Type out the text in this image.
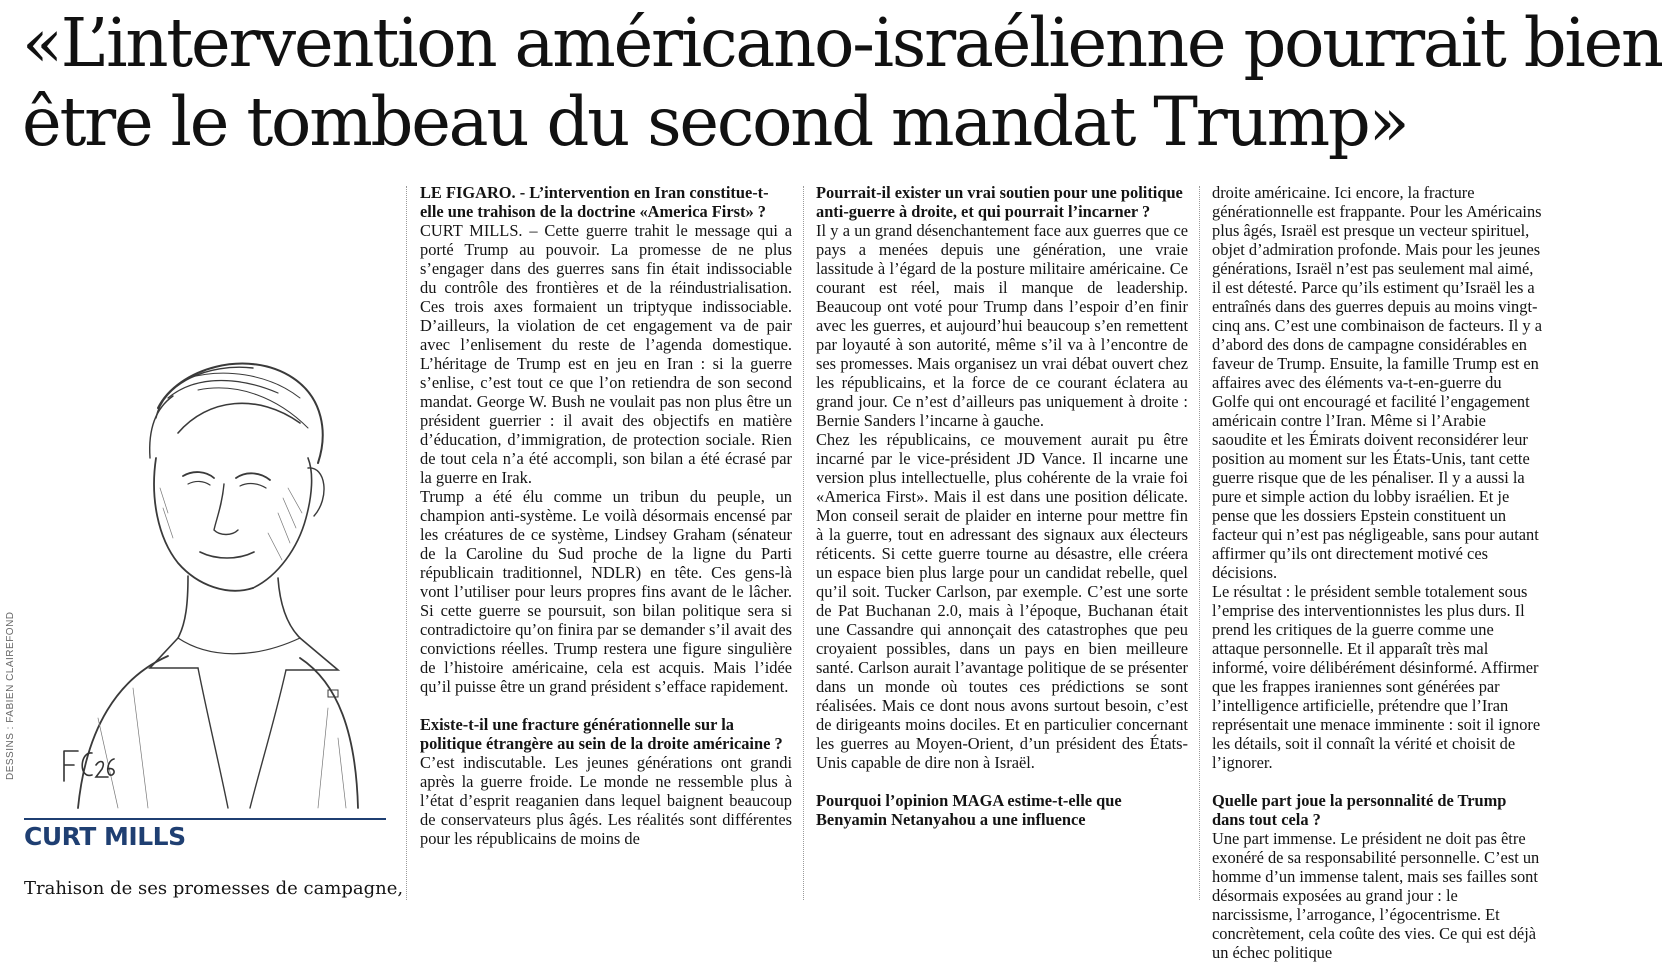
«L’intervention américano-israélienne pourrait bien
être le tombeau du second mandat Trump»
DESSINS : FABIEN CLAIREFOND
CURT MILLS

Trahison de ses promesses de campagne,

LE FIGARO. - L’intervention en Iran constitue-t-elle une trahison de la doctrine «America First» ?

CURT MILLS. – Cette guerre trahit le message qui a porté Trump au pouvoir. La promesse de ne plus s’engager dans des guerres sans fin était indissociable du contrôle des frontières et de la réindustrialisation. Ces trois axes formaient un triptyque indissociable. D’ailleurs, la violation de cet engagement va de pair avec l’enlisement du reste de l’agenda domestique. L’héritage de Trump est en jeu en Iran : si la guerre s’enlise, c’est tout ce que l’on retiendra de son second mandat. George W. Bush ne voulait pas non plus être un président guerrier : il avait des objectifs en matière d’éducation, d’immigration, de protection sociale. Rien de tout cela n’a été accompli, son bilan a été écrasé par la guerre en Irak.

Trump a été élu comme un tribun du peuple, un champion anti-système. Le voilà désormais encensé par les créatures de ce système, Lindsey Graham (sénateur de la Caroline du Sud proche de la ligne du Parti républicain traditionnel, NDLR) en tête. Ces gens-là vont l’utiliser pour leurs propres fins avant de le lâcher. Si cette guerre se poursuit, son bilan politique sera si contradictoire qu’on finira par se demander s’il avait des convictions réelles. Trump restera une figure singulière de l’histoire américaine, cela est acquis. Mais l’idée qu’il puisse être un grand président s’efface rapidement.

Existe-t-il une fracture générationnelle sur la politique étrangère au sein de la droite américaine ?

C’est indiscutable. Les jeunes générations ont grandi après la guerre froide. Le monde ne ressemble plus à l’état d’esprit reaganien dans lequel baignent beaucoup de conservateurs plus âgés. Les réalités sont différentes pour les républicains de moins de

Pourrait-il exister un vrai soutien pour une politique anti-guerre à droite, et qui pourrait l’incarner ?

Il y a un grand désenchantement face aux guerres que ce pays a menées depuis une génération, une vraie lassitude à l’égard de la posture militaire américaine. Ce courant est réel, mais il manque de leadership. Beaucoup ont voté pour Trump dans l’espoir d’en finir avec les guerres, et aujourd’hui beaucoup s’en remettent par loyauté à son autorité, même s’il va à l’encontre de ses promesses. Mais organisez un vrai débat ouvert chez les républicains, et la force de ce courant éclatera au grand jour. Ce n’est d’ailleurs pas uniquement à droite : Bernie Sanders l’incarne à gauche.

Chez les républicains, ce mouvement aurait pu être incarné par le vice-président JD Vance. Il incarne une version plus intellectuelle, plus cohérente de la vraie foi «America First». Mais il est dans une position délicate. Mon conseil serait de plaider en interne pour mettre fin à la guerre, tout en adressant des signaux aux électeurs réticents. Si cette guerre tourne au désastre, elle créera un espace bien plus large pour un candidat rebelle, quel qu’il soit. Tucker Carlson, par exemple. C’est une sorte de Pat Buchanan 2.0, mais à l’époque, Buchanan était une Cassandre qui annonçait des catastrophes que peu croyaient possibles, dans un pays en bien meilleure santé. Carlson aurait l’avantage politique de se présenter dans un monde où toutes ces prédictions se sont réalisées. Mais ce dont nous avons surtout besoin, c’est de dirigeants moins dociles. Et en particulier concernant les guerres au Moyen-Orient, d’un président des États-Unis capable de dire non à Israël.

Pourquoi l’opinion MAGA estime-t-elle que Benyamin Netanyahou a une influence

droite américaine. Ici encore, la fracture générationnelle est frappante. Pour les Américains plus âgés, Israël est presque un vecteur spirituel, objet d’admiration profonde. Mais pour les jeunes générations, Israël n’est pas seulement mal aimé, il est détesté. Parce qu’ils estiment qu’Israël les a entraînés dans des guerres depuis au moins vingt-cinq ans. C’est une combinaison de facteurs. Il y a d’abord des dons de campagne considérables en faveur de Trump. Ensuite, la famille Trump est en affaires avec des éléments va-t-en-guerre du Golfe qui ont encouragé et facilité l’engagement américain contre l’Iran. Même si l’Arabie saoudite et les Émirats doivent reconsidérer leur position au moment sur les États-Unis, tant cette guerre risque que de les pénaliser. Il y a aussi la pure et simple action du lobby israélien. Et je pense que les dossiers Epstein constituent un facteur qui n’est pas négligeable, sans pour autant affirmer qu’ils ont directement motivé ces décisions.

Le résultat : le président semble totalement sous l’emprise des interventionnistes les plus durs. Il prend les critiques de la guerre comme une attaque personnelle. Et il apparaît très mal informé, voire délibérément désinformé. Affirmer que les frappes iraniennes sont générées par l’intelligence artificielle, prétendre que l’Iran représentait une menace imminente : soit il ignore les détails, soit il connaît la vérité et choisit de l’ignorer.

Quelle part joue la personnalité de Trump dans tout cela ?

Une part immense. Le président ne doit pas être exonéré de sa responsabilité personnelle. C’est un homme d’un immense talent, mais ses failles sont désormais exposées au grand jour : le narcissisme, l’arrogance, l’égocentrisme. Et concrètement, cela coûte des vies. Ce qui est déjà un échec politique
